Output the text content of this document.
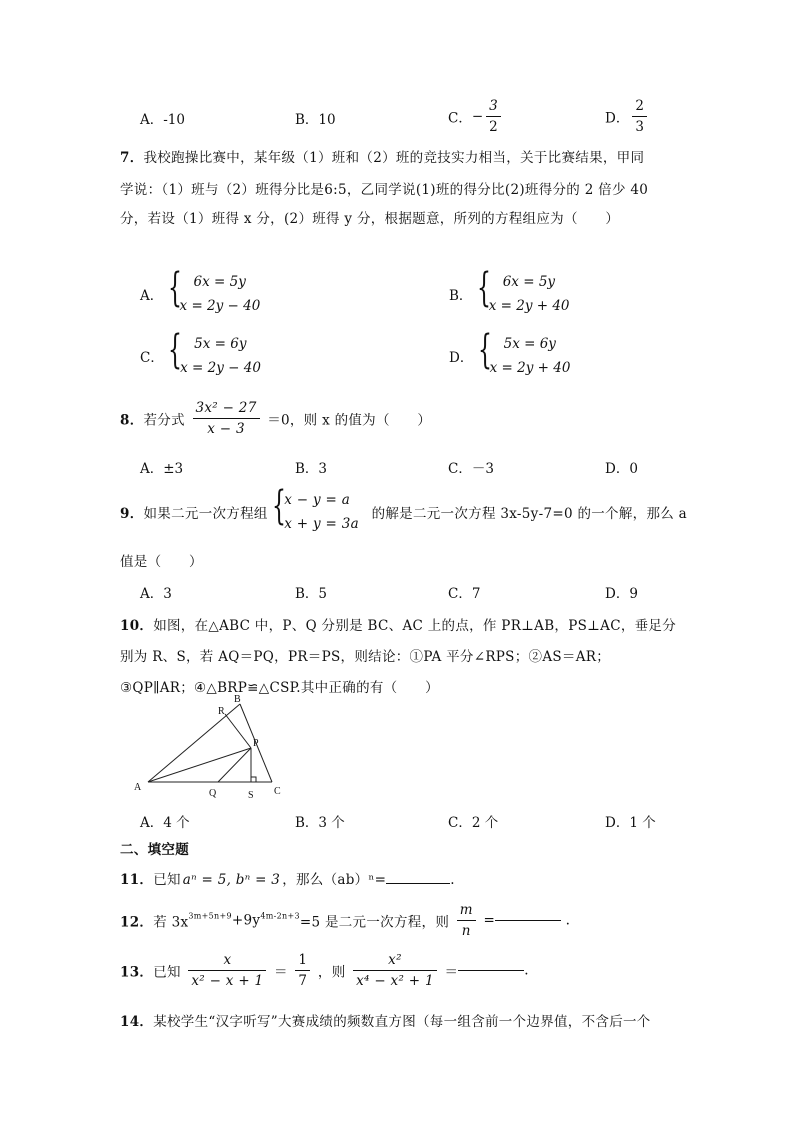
A．-10	B．10	C．− $\frac{3}{2}$	D． $\frac{2}{3}$
7．我校跑操比赛中，某年级（1）班和（2）班的竞技实力相当，关于比赛结果，甲同
学说：（1）班与（2）班得分比是6:5，乙同学说(1)班的得分比(2)班得分的 2 倍少 40
分，若设（1）班得 x 分，(2）班得 y 分，根据题意，所列的方程组应为（　　）
A． { 6x = 5y
x = 2y − 40
B． { 6x = 5y
x = 2y + 40
C． { 5x = 6y
x = 2y − 40
D． { 5x = 6y
x = 2y + 40
8．若分式 $\frac{\text{3x² − 27}}{x - 3} =0$，则 x 的值为（　　）
A．±3	B．3	C．－3	D．0
9．如果二元一次方程组 {
x − y = a
x + y = 3a
的解是二元一次方程 3x-5y-7=0 的一个解，那么 a
值是（　　）
A．3	B．5	C．7	D．9
10．如图，在△ABC 中，P、Q 分别是 BC、AC 上的点，作 PR⊥AB，PS⊥AC，垂足分
别为 R、S，若 AQ＝PQ，PR＝PS，则结论：①PA 平分∠RPS；②AS＝AR；
③QP∥AR；④△BRP≌△CSP.其中正确的有（　　）
A
B
C
P
Q
R
S
A．4 个	B．3 个	C．2 个	D．1 个
二、填空题
11．已知 aⁿ = 5, bⁿ = 3 ，那么（ab）ⁿ=	.
12．若 $3x^{3m+5n+9}+9y^{4m-2n+3}=5$ 是二元一次方程，则 $\frac{m}{n}$ =	.
13．已知 $\frac{x}{\text{x² − x + 1}} = \frac{1}{7}$ ，则 $\frac{\text{x²}}{\text{x⁴ − x² + 1}}$ ＝	.
14．某校学生“汉字听写”大赛成绩的频数直方图（每一组含前一个边界值，不含后一个
